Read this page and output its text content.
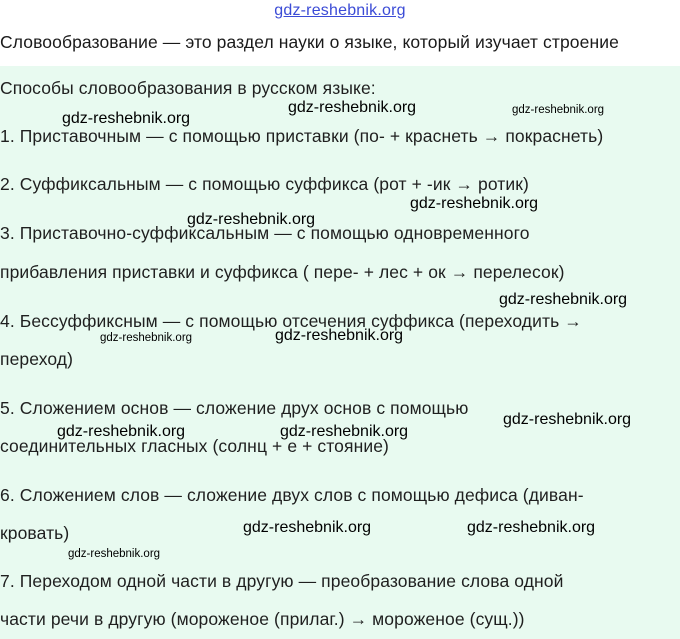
gdz-reshebnik.org
Словообразование — это раздел науки о языке, который изучает строение
Способы словообразования в русском языке:
1. Приставочным — с помощью приставки (по- + краснеть → покраснеть)
2. Суффиксальным — с помощью суффикса (рот + -ик → ротик)
3. Приставочно-суффиксальным — с помощью одновременного
прибавления приставки и суффикса ( пере- + лес + ок → перелесок)
4. Бессуффиксным — с помощью отсечения суффикса (переходить →
переход)
5. Сложением основ — сложение друх основ с помощью
соединительных гласных (солнц + е + стояние)
6. Сложением слов — сложение двух слов с помощью дефиса (диван-
кровать)
7. Переходом одной части в другую — преобразование слова одной
части речи в другую (мороженое (прилаг.) → мороженое (сущ.))
gdz-reshebnik.org
gdz-reshebnik.org	gdz-reshebnik.org
gdz-reshebnik.org
gdz-reshebnik.org
gdz-reshebnik.org
gdz-reshebnik.org	gdz-reshebnik.org
gdz-reshebnik.org
gdz-reshebnik.org	gdz-reshebnik.org
gdz-reshebnik.org	gdz-reshebnik.org
gdz-reshebnik.org
